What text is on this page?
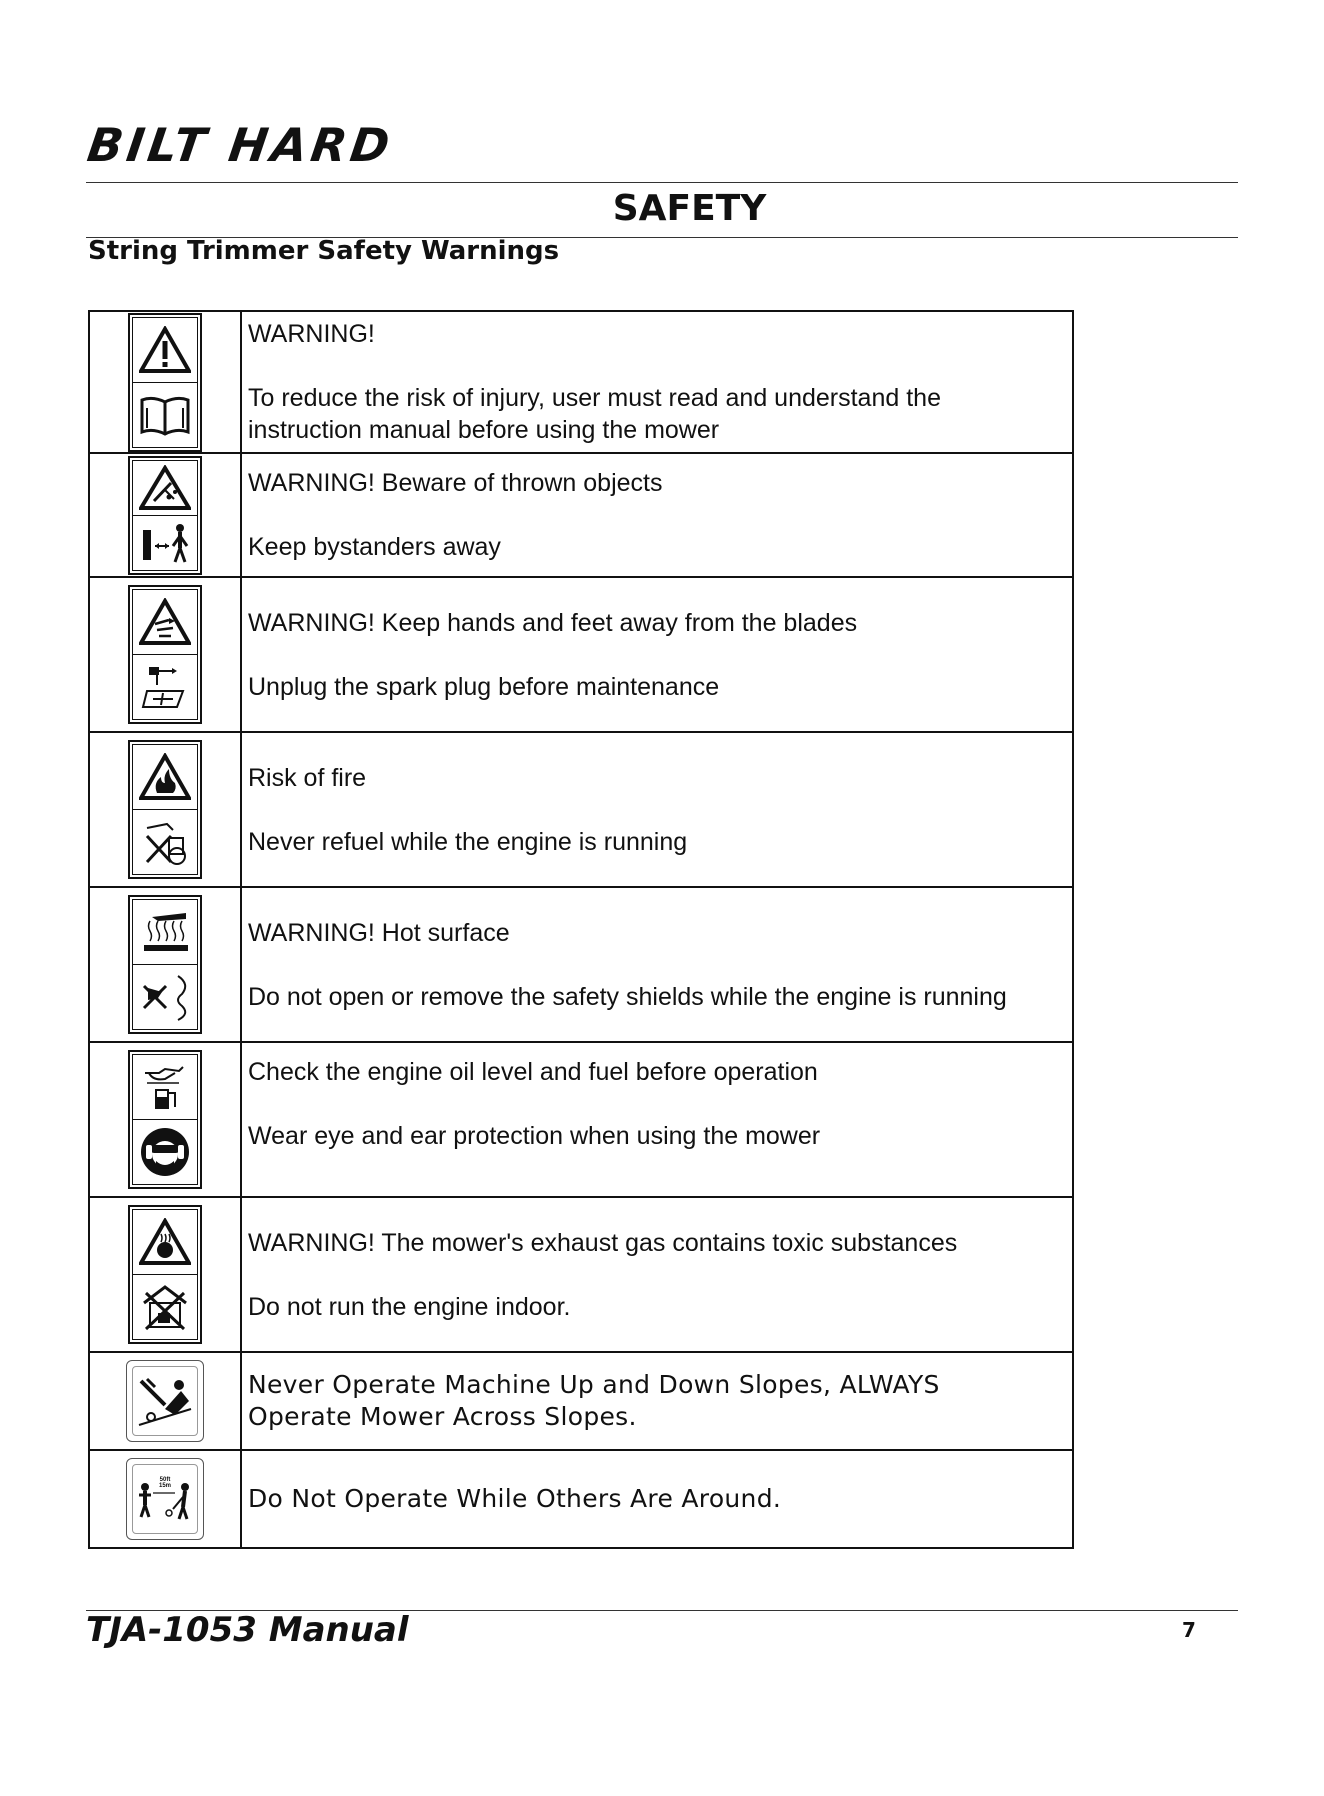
BILT HARD
SAFETY
String Trimmer Safety Warnings

WARNING!
To reduce the risk of injury, user must read and understand the
instruction manual before using the mower

WARNING! Beware of thrown objects
Keep bystanders away

WARNING! Keep hands and feet away from the blades
Unplug the spark plug before maintenance

Risk of fire
Never refuel while the engine is running

WARNING! Hot surface
Do not open or remove the safety shields while the engine is running

Check the engine oil level and fuel before operation
Wear eye and ear protection when using the mower

WARNING! The mower's exhaust gas contains toxic substances
Do not run the engine indoor.

Never Operate Machine Up and Down Slopes, ALWAYS
Operate Mower Across Slopes.

50ft 15m	Do Not Operate While Others Are Around.
TJA-1053 Manual	7
